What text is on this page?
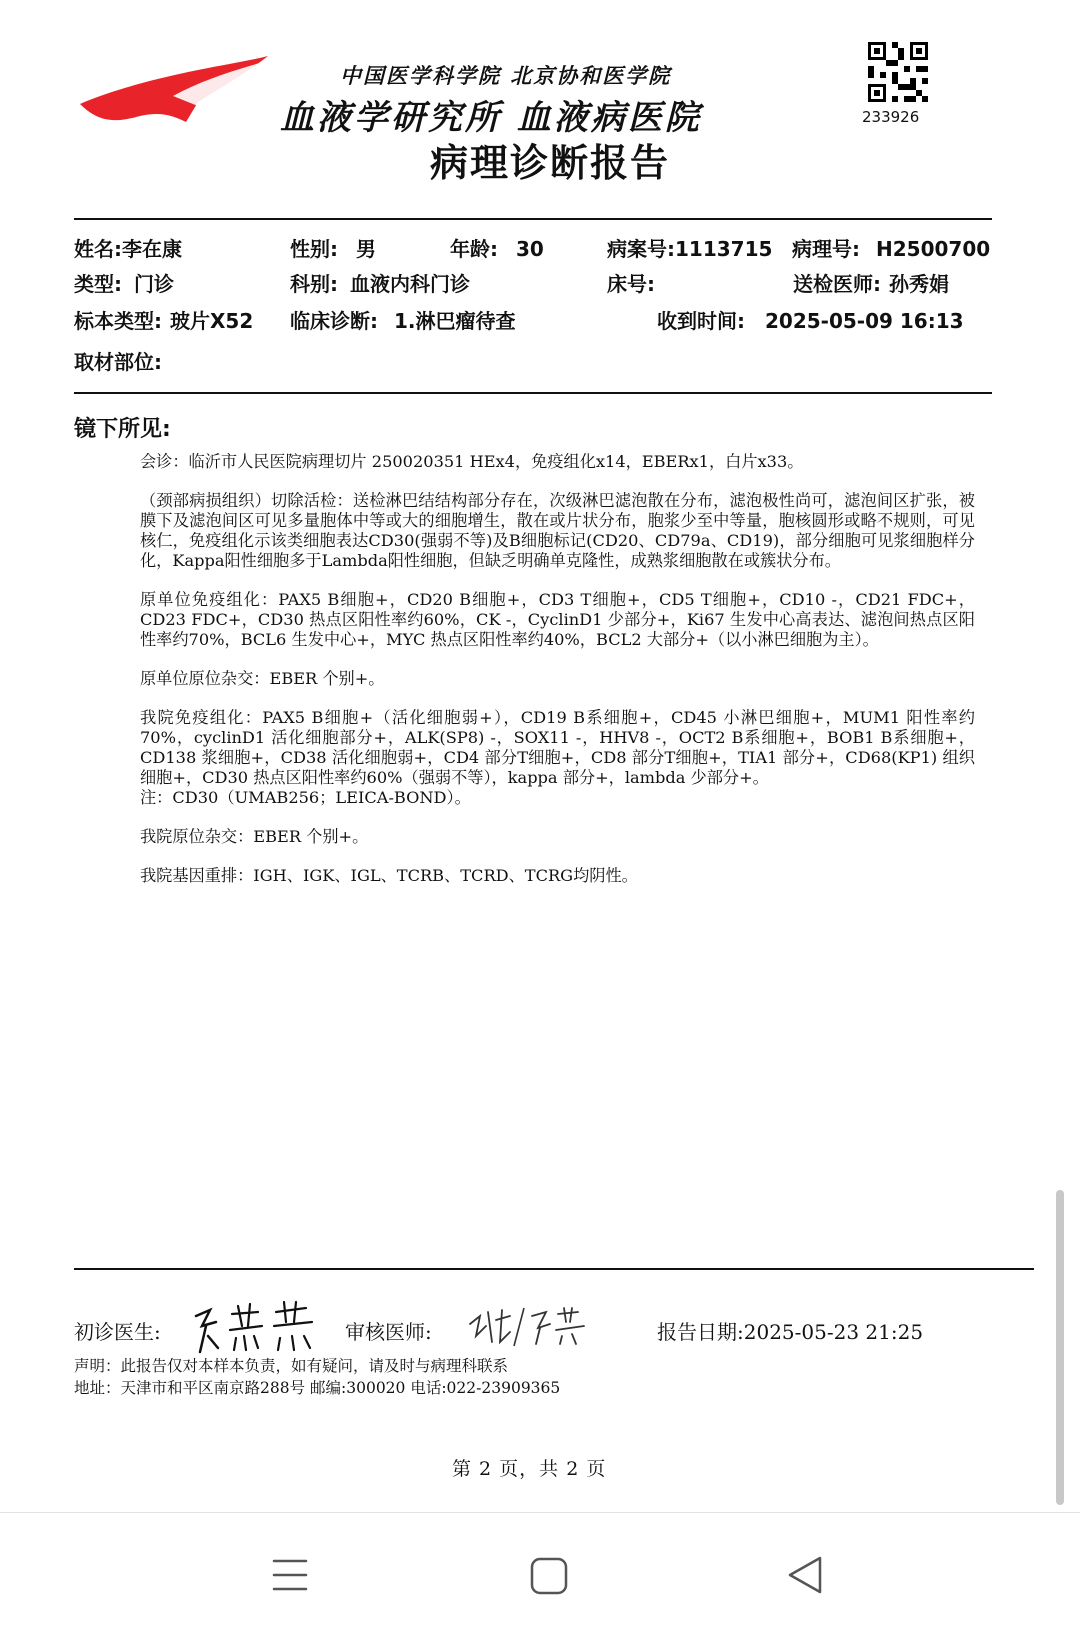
中国医学科学院 北京协和医学院
血液学研究所 血液病医院
病理诊断报告
233926
姓名:李在康	性别: 男	年龄: 30	病案号:1113715 病理号: H2500700
类型: 门诊	科别: 血液内科门诊	床号:	送检医师: 孙秀娟
标本类型: 玻片X52 临床诊断: 1.淋巴瘤待查	收到时间: 2025-05-09 16:13
取材部位:
镜下所见:

会诊：临沂市人民医院病理切片 250020351 HEx4，免疫组化x14，EBERx1，白片x33。

（颈部病损组织）切除活检：送检淋巴结结构部分存在，次级淋巴滤泡散在分布，滤泡极性尚可，滤泡间区扩张，被膜下及滤泡间区可见多量胞体中等或大的细胞增生，散在或片状分布，胞浆少至中等量，胞核圆形或略不规则，可见核仁，免疫组化示该类细胞表达CD30(强弱不等)及B细胞标记(CD20、CD79a、CD19)，部分细胞可见浆细胞样分化，Kappa阳性细胞多于Lambda阳性细胞，但缺乏明确单克隆性，成熟浆细胞散在或簇状分布。

原单位免疫组化：PAX5 B细胞+，CD20 B细胞+，CD3 T细胞+，CD5 T细胞+，CD10 -，CD21 FDC+，CD23 FDC+，CD30 热点区阳性率约60%，CK -，CyclinD1 少部分+，Ki67 生发中心高表达、滤泡间热点区阳性率约70%，BCL6 生发中心+，MYC 热点区阳性率约40%，BCL2 大部分+（以小淋巴细胞为主）。

原单位原位杂交：EBER 个别+。

我院免疫组化：PAX5 B细胞+（活化细胞弱+），CD19 B系细胞+，CD45 小淋巴细胞+，MUM1 阳性率约70%，cyclinD1 活化细胞部分+，ALK(SP8) -，SOX11 -，HHV8 -，OCT2 B系细胞+，BOB1 B系细胞+，CD138 浆细胞+，CD38 活化细胞弱+，CD4 部分T细胞+，CD8 部分T细胞+，TIA1 部分+，CD68(KP1) 组织细胞+，CD30 热点区阳性率约60%（强弱不等），kappa 部分+，lambda 少部分+。

注：CD30（UMAB256；LEICA-BOND）。

我院原位杂交：EBER 个别+。

我院基因重排：IGH、IGK、IGL、TCRB、TCRD、TCRG均阴性。

初诊医生:	审核医师:	报告日期:2025-05-23 21:25
声明：此报告仅对本样本负责，如有疑问，请及时与病理科联系
地址：天津市和平区南京路288号 邮编:300020 电话:022-23909365
第 2 页，共 2 页
